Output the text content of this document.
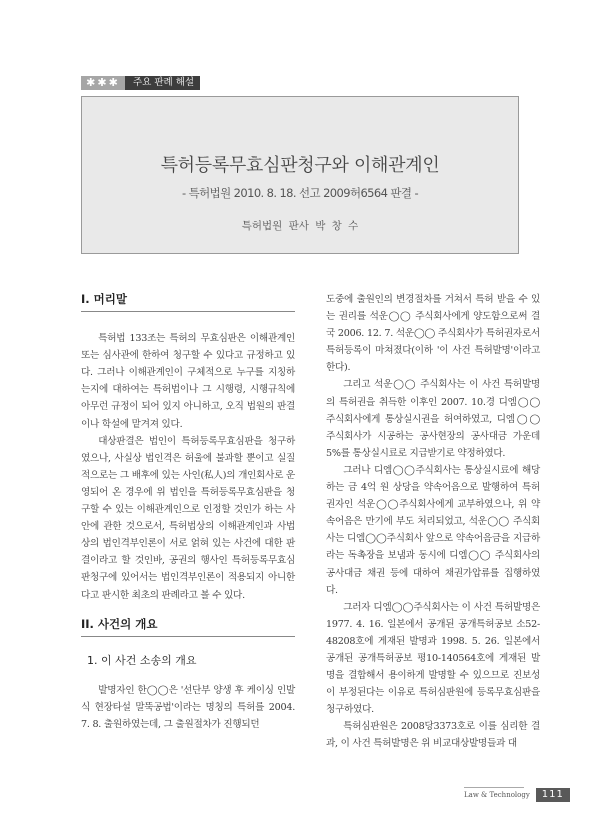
✱✱✱	주요 판례 해설
특허등록무효심판청구와 이해관계인
- 특허법원 2010. 8. 18. 선고 2009허6564 판결 -
특허법원 판사 박 창 수
I. 머리말

특허법 133조는 특허의 무효심판은 이해관계인 또는 심사관에 한하여 청구할 수 있다고 규정하고 있다. 그러나 이해관계인이 구체적으로 누구를 지칭하는지에 대하여는 특허법이나 그 시행령, 시행규칙에 아무런 규정이 되어 있지 아니하고, 오직 법원의 판결이나 학설에 맡겨져 있다.

대상판결은 법인이 특허등록무효심판을 청구하였으나, 사실상 법인격은 허울에 불과할 뿐이고 실질적으로는 그 배후에 있는 사인(私人)의 개인회사로 운영되어 온 경우에 위 법인을 특허등록무효심판을 청구할 수 있는 이해관계인으로 인정할 것인가 하는 사안에 관한 것으로서, 특허법상의 이해관계인과 사법상의 법인격부인론이 서로 얽혀 있는 사건에 대한 판결이라고 할 것인바, 공권의 행사인 특허등록무효심판청구에 있어서는 법인격부인론이 적용되지 아니한다고 판시한 최초의 판례라고 볼 수 있다.

II. 사건의 개요
1. 이 사건 소송의 개요

발명자인 한◯◯은 '선단부 양생 후 케이싱 인발식 현장타설 말뚝공법'이라는 명칭의 특허를 2004. 7. 8. 출원하였는데, 그 출원절차가 진행되던

도중에 출원인의 변경절차를 거쳐서 특허 받을 수 있는 권리를 석운◯◯ 주식회사에게 양도함으로써 결국 2006. 12. 7. 석운◯◯ 주식회사가 특허권자로서 특허등록이 마쳐졌다(이하 '이 사건 특허발명'이라고 한다).

그리고 석운◯◯ 주식회사는 이 사건 특허발명의 특허권을 취득한 이후인 2007. 10.경 디엠◯◯ 주식회사에게 통상실시권을 허여하였고, 디엠◯◯ 주식회사가 시공하는 공사현장의 공사대금 가운데 5%를 통상실시료로 지급받기로 약정하였다.

그러나 디엠◯◯주식회사는 통상실시료에 해당하는 금 4억 원 상당을 약속어음으로 발행하여 특허권자인 석운◯◯주식회사에게 교부하였으나, 위 약속어음은 만기에 부도 처리되었고, 석운◯◯ 주식회사는 디엠◯◯주식회사 앞으로 약속어음금을 지급하라는 독촉장을 보냄과 동시에 디엠◯◯ 주식회사의 공사대금 채권 등에 대하여 채권가압류를 집행하였다.

그러자 디엠◯◯주식회사는 이 사건 특허발명은 1977. 4. 16. 일본에서 공개된 공개특허공보 소52-48208호에 게재된 발명과 1998. 5. 26. 일본에서 공개된 공개특허공보 평10-140564호에 게재된 발명을 결합해서 용이하게 발명할 수 있으므로 진보성이 부정된다는 이유로 특허심판원에 등록무효심판을 청구하였다.

특허심판원은 2008당3373호로 이를 심리한 결과, 이 사건 특허발명은 위 비교대상발명들과 대

Law & Technology	111
